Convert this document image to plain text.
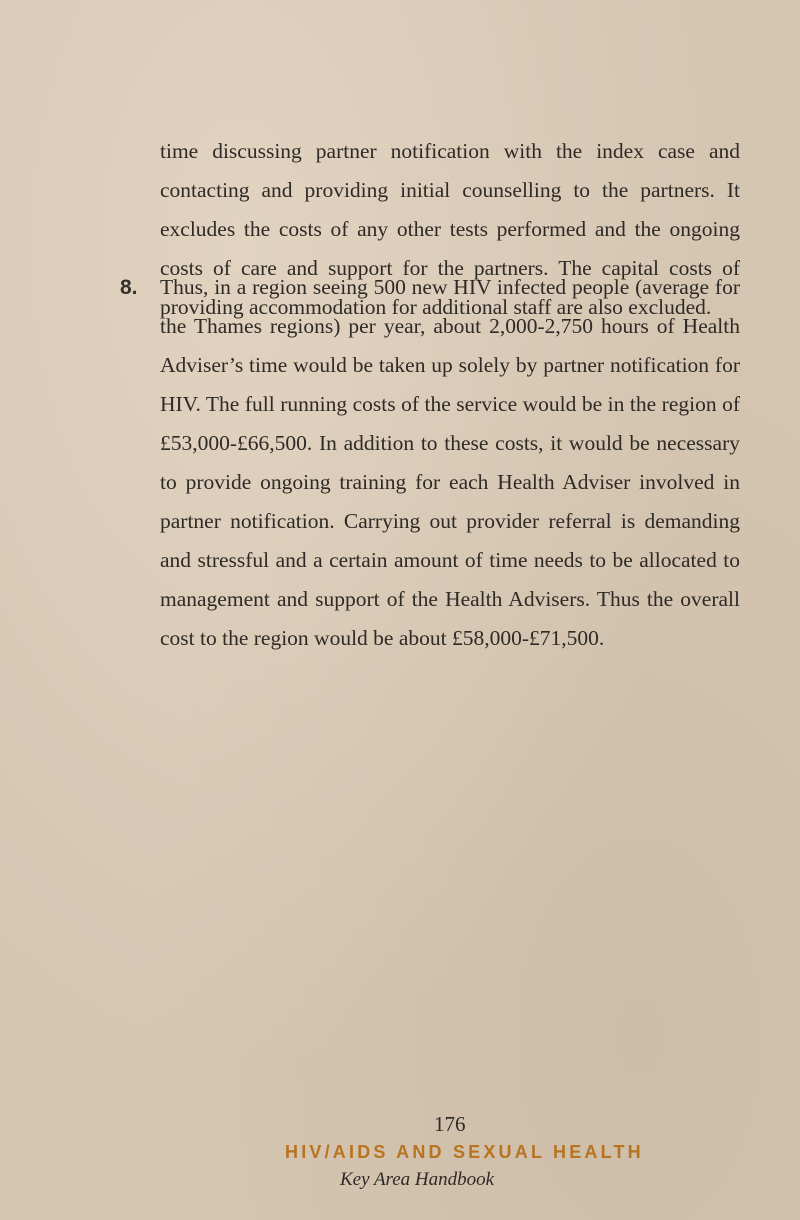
time discussing partner notification with the index case and contacting and providing initial counselling to the partners. It excludes the costs of any other tests performed and the ongoing costs of care and support for the partners. The capital costs of providing accommodation for additional staff are also excluded.

8. Thus, in a region seeing 500 new HIV infected people (average for the Thames regions) per year, about 2,000-2,750 hours of Health Adviser’s time would be taken up solely by partner notification for HIV. The full running costs of the service would be in the region of £53,000-£66,500. In addition to these costs, it would be necessary to provide ongoing training for each Health Adviser involved in partner notification. Carrying out provider referral is demanding and stressful and a certain amount of time needs to be allocated to management and support of the Health Advisers. Thus the overall cost to the region would be about £58,000-£71,500.

176
HIV/AIDS AND SEXUAL HEALTH
Key Area Handbook
